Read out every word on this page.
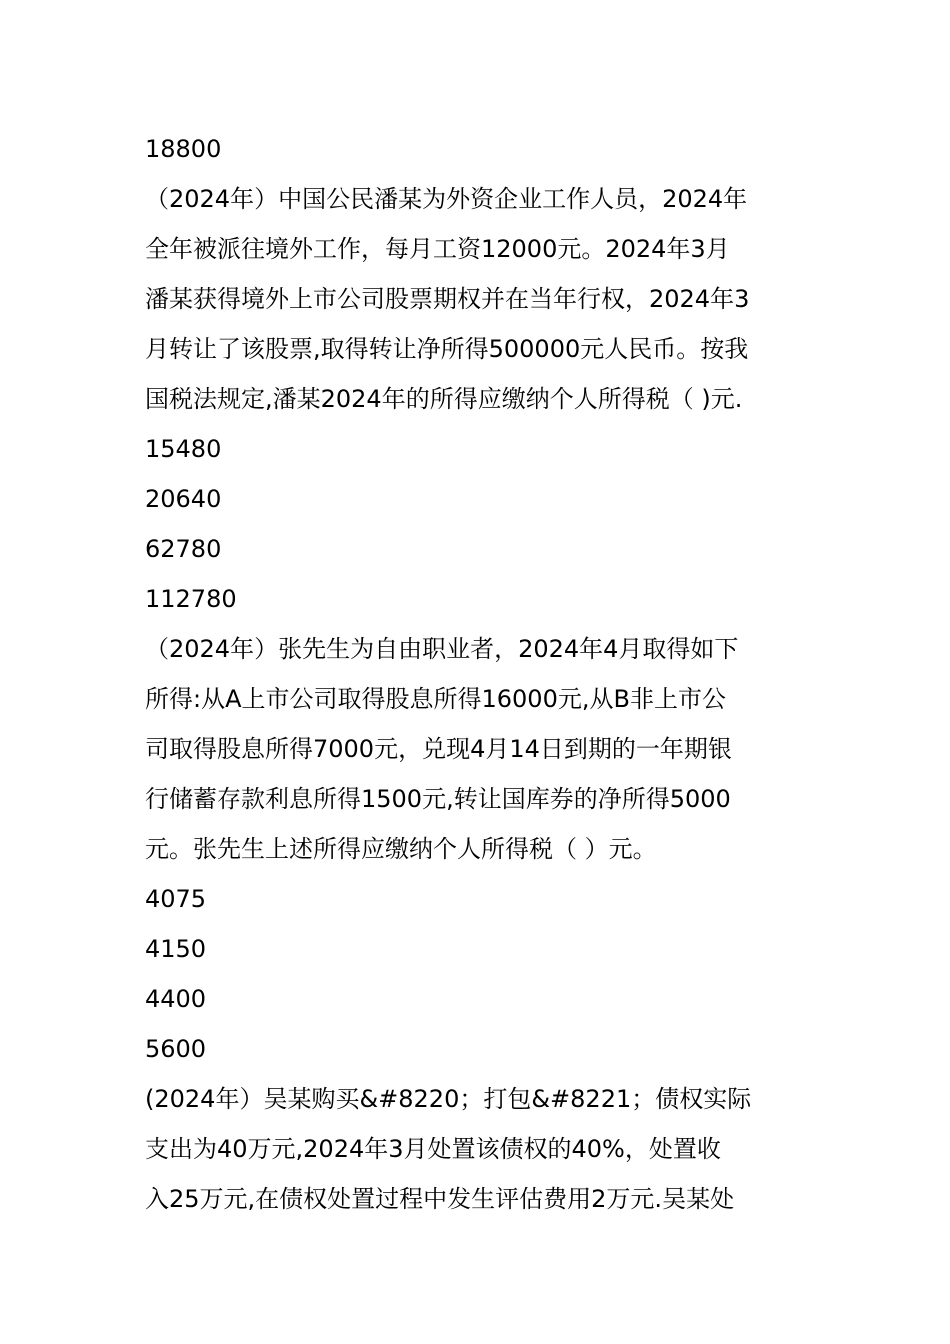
18800
（2024年）中国公民潘某为外资企业工作人员，2024年
全年被派往境外工作，每月工资12000元。2024年3月
潘某获得境外上市公司股票期权并在当年行权，2024年3
月转让了该股票,取得转让净所得500000元人民币。按我
国税法规定,潘某2024年的所得应缴纳个人所得税（ )元.
15480
20640
62780
112780
（2024年）张先生为自由职业者，2024年4月取得如下
所得:从A上市公司取得股息所得16000元,从B非上市公
司取得股息所得7000元，兑现4月14日到期的一年期银
行储蓄存款利息所得1500元,转让国库券的净所得5000
元。张先生上述所得应缴纳个人所得税（ ）元。
4075
4150
4400
5600
(2024年）吴某购买&#8220；打包&#8221；债权实际
支出为40万元,2024年3月处置该债权的40%，处置收
入25万元,在债权处置过程中发生评估费用2万元.吴某处
